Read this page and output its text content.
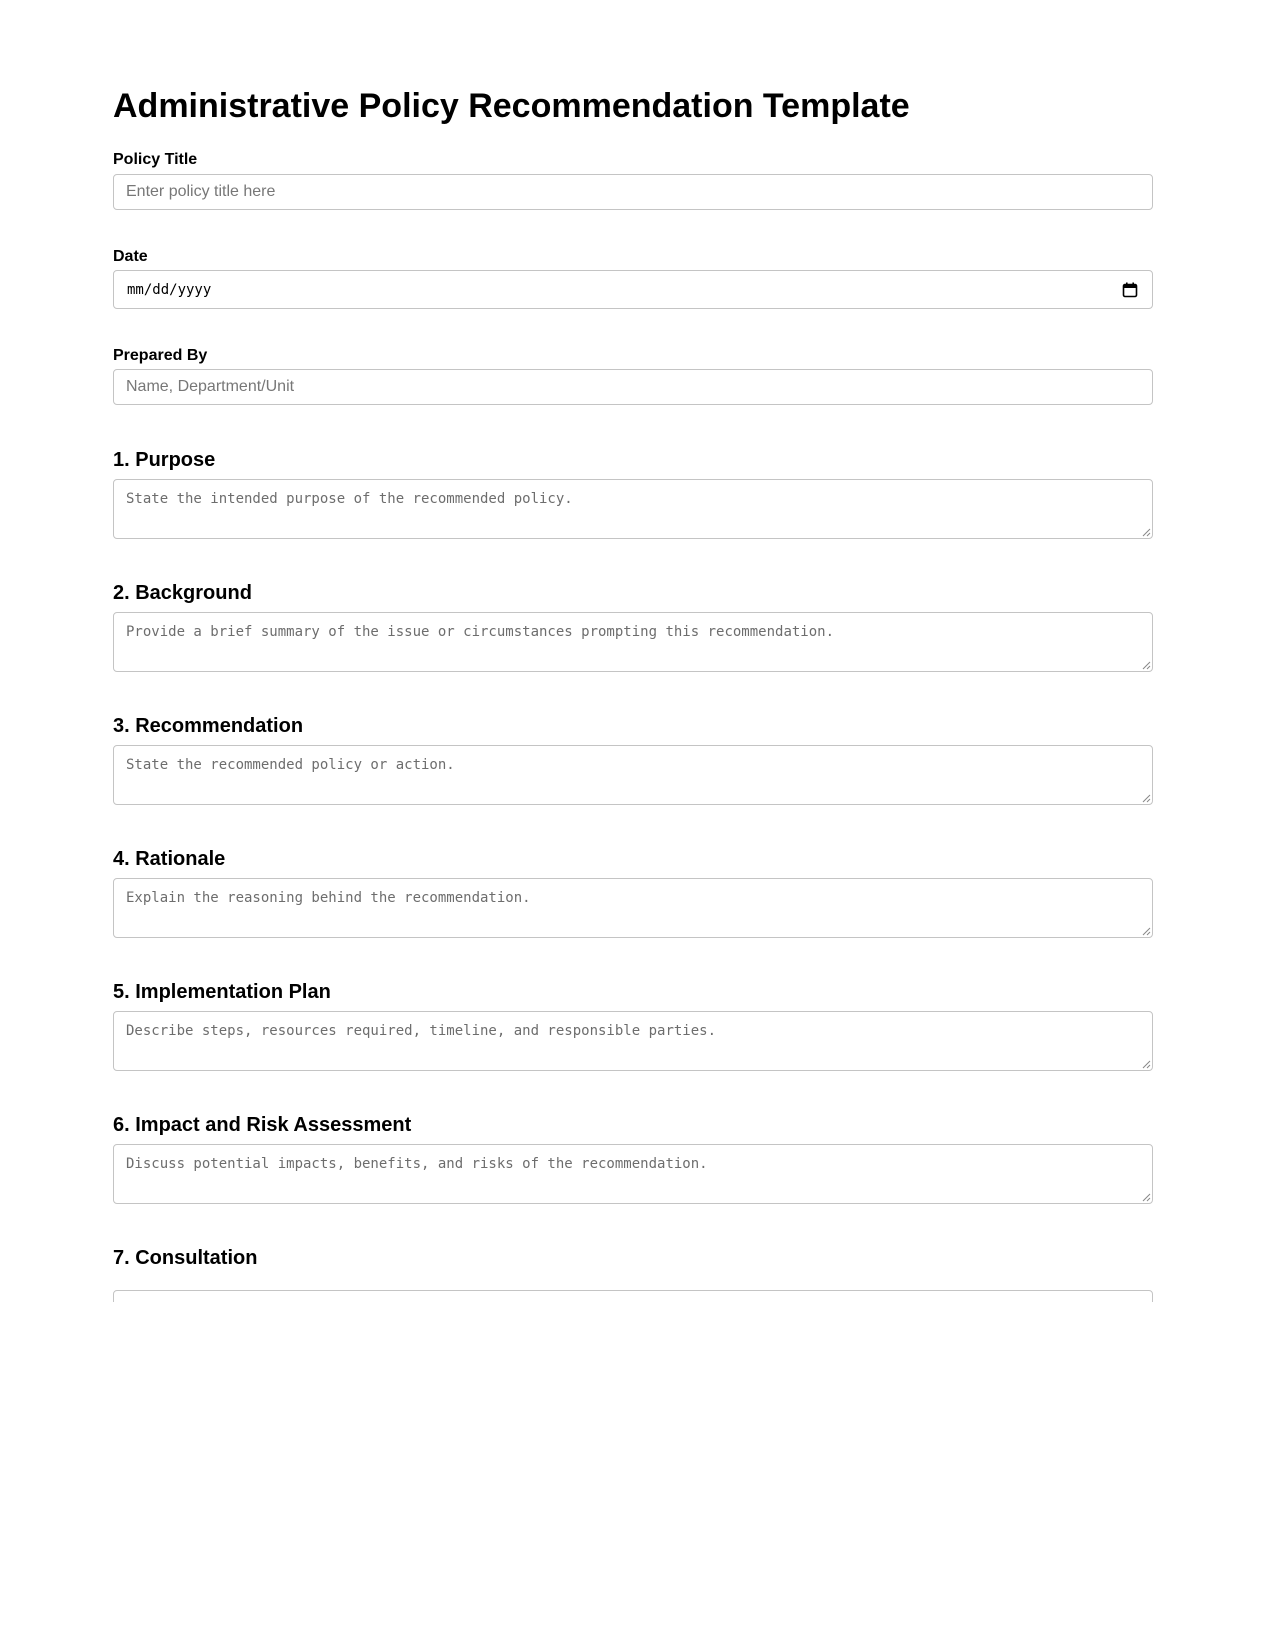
Administrative Policy Recommendation Template
Policy Title
Enter policy title here
Date
mm/dd/yyyy
Prepared By
Name, Department/Unit
1. Purpose
State the intended purpose of the recommended policy.
2. Background
Provide a brief summary of the issue or circumstances prompting this recommendation.
3. Recommendation
State the recommended policy or action.
4. Rationale
Explain the reasoning behind the recommendation.
5. Implementation Plan
Describe steps, resources required, timeline, and responsible parties.
6. Impact and Risk Assessment
Discuss potential impacts, benefits, and risks of the recommendation.
7. Consultation
